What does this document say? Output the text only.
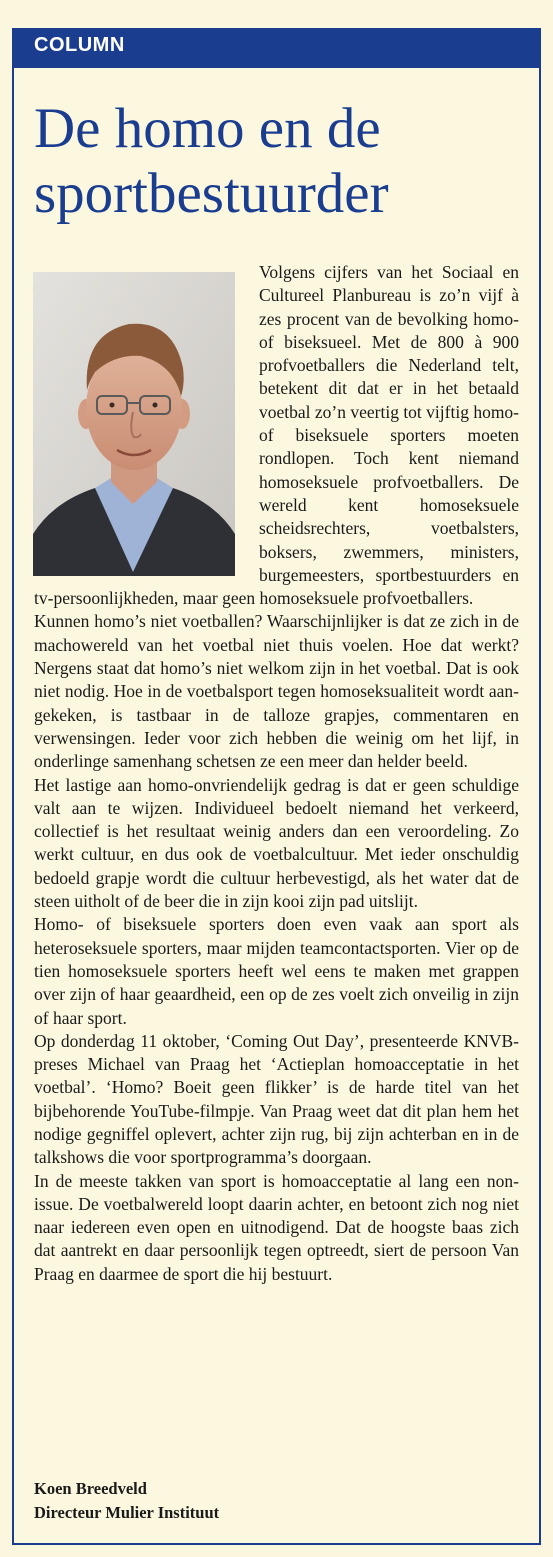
COLUMN
De homo en de
sportbestuurder

Volgens cijfers van het Sociaal en Cultureel Planbureau is zo’n vijf à zes procent van de bevolking homo- of biseksueel. Met de 800 à 900 profvoetballers die Nederland telt, betekent dit dat er in het betaald voetbal zo’n veertig tot vijftig homo- of biseksuele sporters moeten rondlopen. Toch kent niemand homoseksuele profvoetballers. De wereld kent homoseksuele scheidsrechters, voetbalsters, boksers, zwemmers, ministers, burgemeesters, sportbestuurders en tv-persoonlijkheden, maar geen homoseksuele profvoetballers.

Kunnen homo’s niet voetballen? Waarschijnlijker is dat ze zich in de machowereld van het voetbal niet thuis voelen. Hoe dat werkt? Nergens staat dat homo’s niet welkom zijn in het voetbal. Dat is ook niet nodig. Hoe in de voetbalsport tegen homoseksualiteit wordt aangekeken, is tastbaar in de talloze grapjes, commentaren en verwensingen. Ieder voor zich hebben die weinig om het lijf, in onderlinge samenhang schetsen ze een meer dan helder beeld.

Het lastige aan homo-onvriendelijk gedrag is dat er geen schuldige valt aan te wijzen. Individueel bedoelt niemand het verkeerd, collectief is het resultaat weinig anders dan een veroordeling. Zo werkt cultuur, en dus ook de voetbalcultuur. Met ieder onschuldig bedoeld grapje wordt die cultuur herbevestigd, als het water dat de steen uitholt of de beer die in zijn kooi zijn pad uitslijt.

Homo- of biseksuele sporters doen even vaak aan sport als heteroseksuele sporters, maar mijden teamcontactsporten. Vier op de tien homoseksuele sporters heeft wel eens te maken met grappen over zijn of haar geaardheid, een op de zes voelt zich onveilig in zijn of haar sport.

Op donderdag 11 oktober, ‘Coming Out Day’, presenteerde KNVB-preses Michael van Praag het ‘Actieplan homoacceptatie in het voetbal’. ‘Homo? Boeit geen flikker’ is de harde titel van het bijbehorende YouTube-filmpje. Van Praag weet dat dit plan hem het nodige gegniffel oplevert, achter zijn rug, bij zijn achterban en in de talkshows die voor sportprogramma’s doorgaan.

In de meeste takken van sport is homoacceptatie al lang een non-issue. De voetbalwereld loopt daarin achter, en betoont zich nog niet naar iedereen even open en uitnodigend. Dat de hoogste baas zich dat aantrekt en daar persoonlijk tegen optreedt, siert de persoon Van Praag en daarmee de sport die hij bestuurt.

Koen Breedveld
Directeur Mulier Instituut
